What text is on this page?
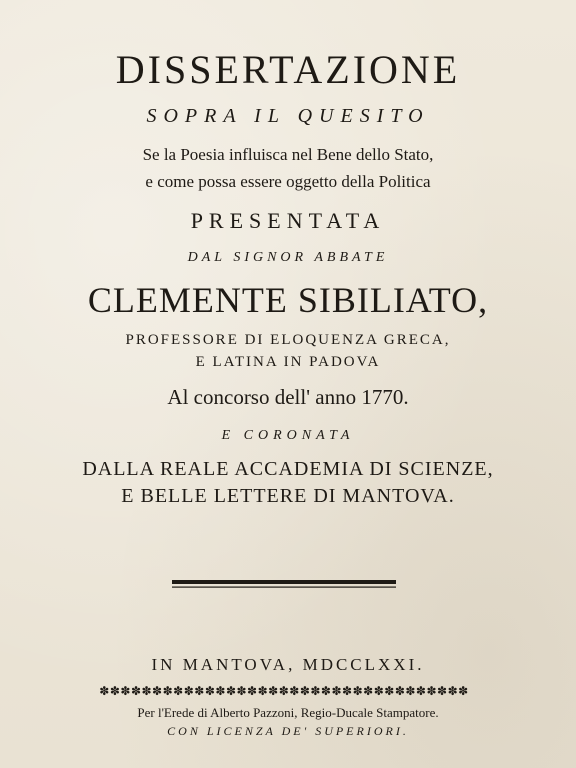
DISSERTAZIONE
SOPRA IL QUESITO
Se la Poesia influisca nel Bene dello Stato,
e come possa essere oggetto della Politica
PRESENTATA
DAL SIGNOR ABBATE
CLEMENTE SIBILIATO,
PROFESSORE DI ELOQUENZA GRECA,
E LATINA IN PADOVA
Al concorso dell' anno 1770.
E CORONATA
DALLA REALE ACCADEMIA DI SCIENZE,
E BELLE LETTERE DI MANTOVA.
IN MANTOVA, MDCCLXXI.
✽✽✽✽✽✽✽✽✽✽✽✽✽✽✽✽✽✽✽✽✽✽✽✽✽✽✽✽✽✽✽✽✽✽✽
Per l'Erede di Alberto Pazzoni, Regio-Ducale Stampatore.
CON LICENZA DE' SUPERIORI.
